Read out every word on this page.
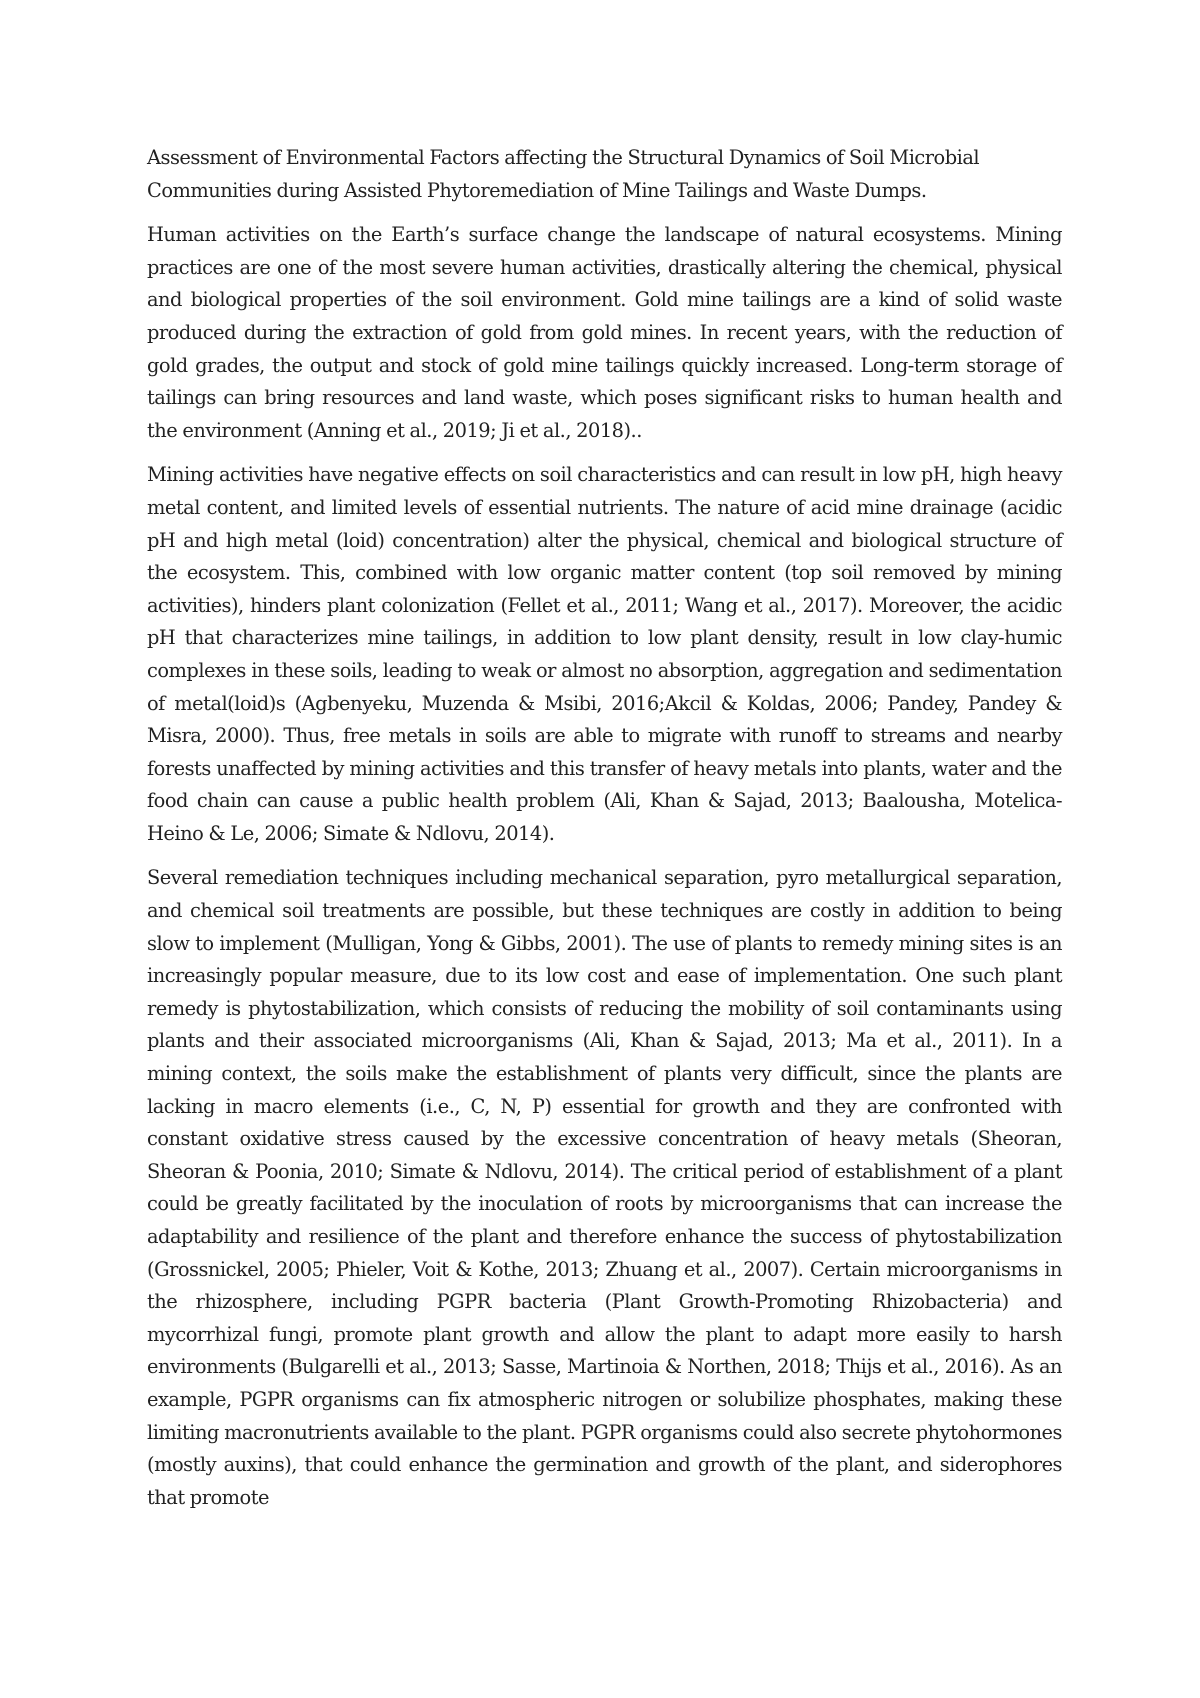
Assessment of Environmental Factors affecting the Structural Dynamics of Soil Microbial Communities during Assisted Phytoremediation of Mine Tailings and Waste Dumps.

Human activities on the Earth’s surface change the landscape of natural ecosystems. Mining practices are one of the most severe human activities, drastically altering the chemical, physical and biological properties of the soil environment. Gold mine tailings are a kind of solid waste produced during the extraction of gold from gold mines. In recent years, with the reduction of gold grades, the output and stock of gold mine tailings quickly increased. Long-term storage of tailings can bring resources and land waste, which poses significant risks to human health and the environment (Anning et al., 2019; Ji et al., 2018)..

Mining activities have negative effects on soil characteristics and can result in low pH, high heavy metal content, and limited levels of essential nutrients. The nature of acid mine drainage (acidic pH and high metal (loid) concentration) alter the physical, chemical and biological structure of the ecosystem. This, combined with low organic matter content (top soil removed by mining activities), hinders plant colonization (Fellet et al., 2011; Wang et al., 2017). Moreover, the acidic pH that characterizes mine tailings, in addition to low plant density, result in low clay-humic complexes in these soils, leading to weak or almost no absorption, aggregation and sedimentation of metal(loid)s (Agbenyeku, Muzenda & Msibi, 2016;Akcil & Koldas, 2006; Pandey, Pandey & Misra, 2000). Thus, free metals in soils are able to migrate with runoff to streams and nearby forests unaffected by mining activities and this transfer of heavy metals into plants, water and the food chain can cause a public health problem (Ali, Khan & Sajad, 2013; Baalousha, Motelica-Heino & Le, 2006; Simate & Ndlovu, 2014).

Several remediation techniques including mechanical separation, pyro metallurgical separation, and chemical soil treatments are possible, but these techniques are costly in addition to being slow to implement (Mulligan, Yong & Gibbs, 2001). The use of plants to remedy mining sites is an increasingly popular measure, due to its low cost and ease of implementation. One such plant remedy is phytostabilization, which consists of reducing the mobility of soil contaminants using plants and their associated microorganisms (Ali, Khan & Sajad, 2013; Ma et al., 2011). In a mining context, the soils make the establishment of plants very difficult, since the plants are lacking in macro elements (i.e., C, N, P) essential for growth and they are confronted with constant oxidative stress caused by the excessive concentration of heavy metals (Sheoran, Sheoran & Poonia, 2010; Simate & Ndlovu, 2014). The critical period of establishment of a plant could be greatly facilitated by the inoculation of roots by microorganisms that can increase the adaptability and resilience of the plant and therefore enhance the success of phytostabilization (Grossnickel, 2005; Phieler, Voit & Kothe, 2013; Zhuang et al., 2007). Certain microorganisms in the rhizosphere, including PGPR bacteria (Plant Growth-Promoting Rhizobacteria) and mycorrhizal fungi, promote plant growth and allow the plant to adapt more easily to harsh environments (Bulgarelli et al., 2013; Sasse, Martinoia & Northen, 2018; Thijs et al., 2016). As an example, PGPR organisms can fix atmospheric nitrogen or solubilize phosphates, making these limiting macronutrients available to the plant. PGPR organisms could also secrete phytohormones (mostly auxins), that could enhance the germination and growth of the plant, and siderophores that promote
